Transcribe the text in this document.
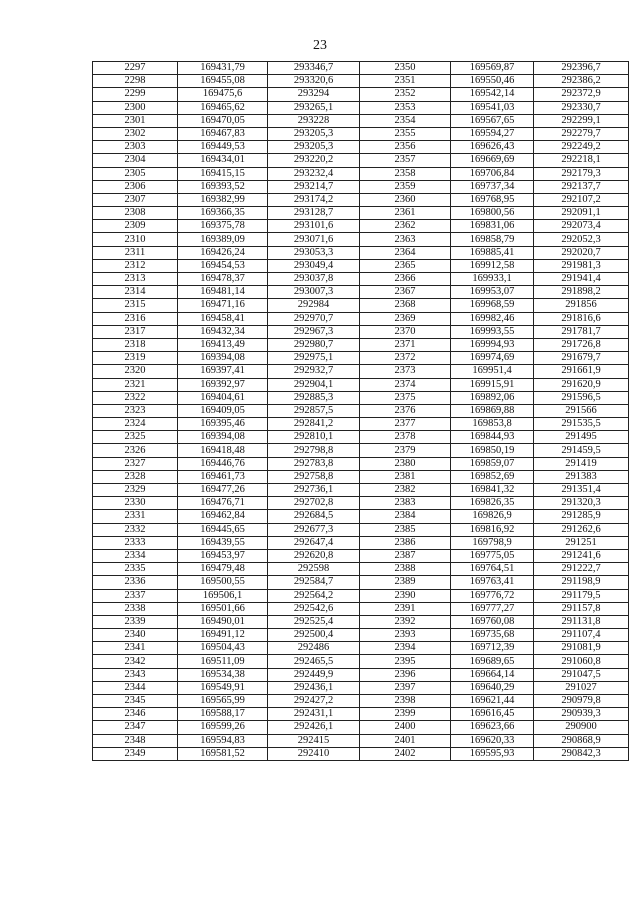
23
2297	169431,79	293346,7	2350	169569,87	292396,7
2298	169455,08	293320,6	2351	169550,46	292386,2
2299	169475,6	293294	2352	169542,14	292372,9
2300	169465,62	293265,1	2353	169541,03	292330,7
2301	169470,05	293228	2354	169567,65	292299,1
2302	169467,83	293205,3	2355	169594,27	292279,7
2303	169449,53	293205,3	2356	169626,43	292249,2
2304	169434,01	293220,2	2357	169669,69	292218,1
2305	169415,15	293232,4	2358	169706,84	292179,3
2306	169393,52	293214,7	2359	169737,34	292137,7
2307	169382,99	293174,2	2360	169768,95	292107,2
2308	169366,35	293128,7	2361	169800,56	292091,1
2309	169375,78	293101,6	2362	169831,06	292073,4
2310	169389,09	293071,6	2363	169858,79	292052,3
2311	169426,24	293053,3	2364	169885,41	292020,7
2312	169454,53	293049,4	2365	169912,58	291981,3
2313	169478,37	293037,8	2366	169933,1	291941,4
2314	169481,14	293007,3	2367	169953,07	291898,2
2315	169471,16	292984	2368	169968,59	291856
2316	169458,41	292970,7	2369	169982,46	291816,6
2317	169432,34	292967,3	2370	169993,55	291781,7
2318	169413,49	292980,7	2371	169994,93	291726,8
2319	169394,08	292975,1	2372	169974,69	291679,7
2320	169397,41	292932,7	2373	169951,4	291661,9
2321	169392,97	292904,1	2374	169915,91	291620,9
2322	169404,61	292885,3	2375	169892,06	291596,5
2323	169409,05	292857,5	2376	169869,88	291566
2324	169395,46	292841,2	2377	169853,8	291535,5
2325	169394,08	292810,1	2378	169844,93	291495
2326	169418,48	292798,8	2379	169850,19	291459,5
2327	169446,76	292783,8	2380	169859,07	291419
2328	169461,73	292758,8	2381	169852,69	291383
2329	169477,26	292736,1	2382	169841,32	291351,4
2330	169476,71	292702,8	2383	169826,35	291320,3
2331	169462,84	292684,5	2384	169826,9	291285,9
2332	169445,65	292677,3	2385	169816,92	291262,6
2333	169439,55	292647,4	2386	169798,9	291251
2334	169453,97	292620,8	2387	169775,05	291241,6
2335	169479,48	292598	2388	169764,51	291222,7
2336	169500,55	292584,7	2389	169763,41	291198,9
2337	169506,1	292564,2	2390	169776,72	291179,5
2338	169501,66	292542,6	2391	169777,27	291157,8
2339	169490,01	292525,4	2392	169760,08	291131,8
2340	169491,12	292500,4	2393	169735,68	291107,4
2341	169504,43	292486	2394	169712,39	291081,9
2342	169511,09	292465,5	2395	169689,65	291060,8
2343	169534,38	292449,9	2396	169664,14	291047,5
2344	169549,91	292436,1	2397	169640,29	291027
2345	169565,99	292427,2	2398	169621,44	290979,8
2346	169588,17	292431,1	2399	169616,45	290939,3
2347	169599,26	292426,1	2400	169623,66	290900
2348	169594,83	292415	2401	169620,33	290868,9
2349	169581,52	292410	2402	169595,93	290842,3
